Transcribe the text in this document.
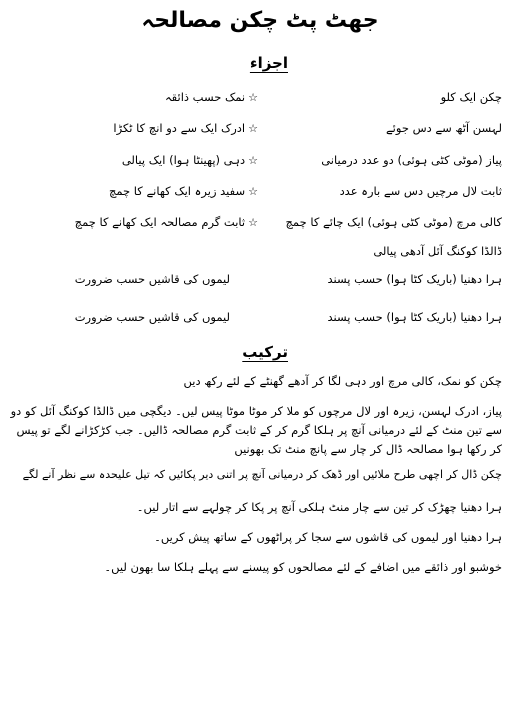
جھٹ پٹ چکن مصالحہ
اجزاء
چکن ایک کلو
لہسن آٹھ سے دس جوئے
پیاز (موٹی کٹی ہوئی) دو عدد درمیانی
ثابت لال مرچیں دس سے بارہ عدد
کالی مرچ (موٹی کٹی ہوئی) ایک چائے کا چمچ
ڈالڈا کوکنگ آئل آدھی پیالی
ہرا دھنیا (باریک کٹا ہوا) حسب پسند
ہرا دھنیا (باریک کٹا ہوا) حسب پسند
☆نمک حسب ذائقہ
☆ادرک ایک سے دو انچ کا ٹکڑا
☆دہی (پھینٹا ہوا) ایک پیالی
☆سفید زیرہ ایک کھانے کا چمچ
☆ثابت گرم مصالحہ ایک کھانے کا چمچ
لیموں کی قاشیں حسب ضرورت
لیموں کی قاشیں حسب ضرورت
ترکیب
چکن کو نمک، کالی مرچ اور دہی لگا کر آدھے گھنٹے کے لئے رکھ دیں
پیاز، ادرک لہسن، زیرہ اور لال مرچوں کو ملا کر موٹا موٹا پیس لیں۔ دیگچی میں ڈالڈا کوکنگ آئل کو دو سے تین منٹ کے لئے درمیانی آنچ پر ہلکا گرم کر کے ثابت گرم مصالحہ ڈالیں۔ جب کڑکڑانے لگے تو پیس کر رکھا ہوا مصالحہ ڈال کر چار سے پانچ منٹ تک بھونیں
چکن ڈال کر اچھی طرح ملائیں اور ڈھک کر درمیانی آنچ پر اتنی دیر پکائیں کہ تیل علیحدہ سے نظر آنے لگے
ہرا دھنیا چھڑک کر تین سے چار منٹ ہلکی آنچ پر پکا کر چولہے سے اتار لیں۔
ہرا دھنیا اور لیموں کی قاشوں سے سجا کر پراٹھوں کے ساتھ پیش کریں۔
خوشبو اور ذائقے میں اضافے کے لئے مصالحوں کو پیسنے سے پہلے ہلکا سا بھون لیں۔
